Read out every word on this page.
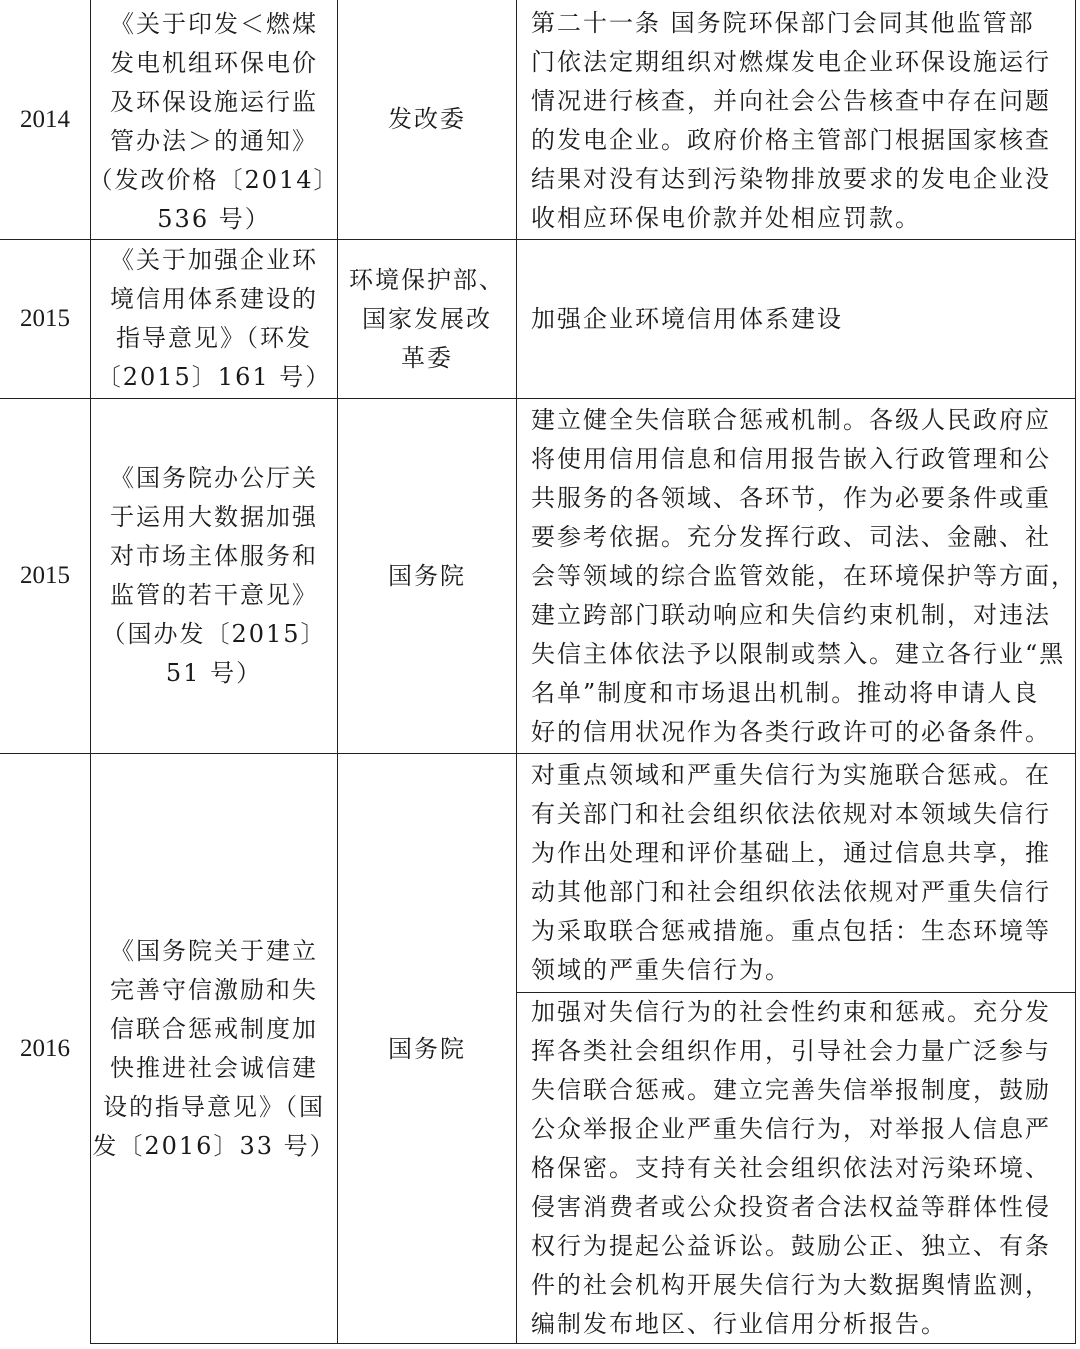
2014
《关于印发＜燃煤
发电机组环保电价
及环保设施运行监
管办法＞的通知》
（发改价格〔2014〕
536 号）
发改委
第二十一条 国务院环保部门会同其他监管部
门依法定期组织对燃煤发电企业环保设施运行
情况进行核查，并向社会公告核查中存在问题
的发电企业。政府价格主管部门根据国家核查
结果对没有达到污染物排放要求的发电企业没
收相应环保电价款并处相应罚款。
2015
《关于加强企业环
境信用体系建设的
指导意见》（环发
〔2015〕161 号）
环境保护部、
国家发展改
革委
加强企业环境信用体系建设
2015
《国务院办公厅关
于运用大数据加强
对市场主体服务和
监管的若干意见》
（国办发〔2015〕
51 号）
国务院
建立健全失信联合惩戒机制。各级人民政府应
将使用信用信息和信用报告嵌入行政管理和公
共服务的各领域、各环节，作为必要条件或重
要参考依据。充分发挥行政、司法、金融、社
会等领域的综合监管效能，在环境保护等方面，
建立跨部门联动响应和失信约束机制，对违法
失信主体依法予以限制或禁入。建立各行业“黑
名单”制度和市场退出机制。推动将申请人良
好的信用状况作为各类行政许可的必备条件。
2016
《国务院关于建立
完善守信激励和失
信联合惩戒制度加
快推进社会诚信建
设的指导意见》（国
发〔2016〕33 号）
国务院
对重点领域和严重失信行为实施联合惩戒。在
有关部门和社会组织依法依规对本领域失信行
为作出处理和评价基础上，通过信息共享，推
动其他部门和社会组织依法依规对严重失信行
为采取联合惩戒措施。重点包括：生态环境等
领域的严重失信行为。
加强对失信行为的社会性约束和惩戒。充分发
挥各类社会组织作用，引导社会力量广泛参与
失信联合惩戒。建立完善失信举报制度，鼓励
公众举报企业严重失信行为，对举报人信息严
格保密。支持有关社会组织依法对污染环境、
侵害消费者或公众投资者合法权益等群体性侵
权行为提起公益诉讼。鼓励公正、独立、有条
件的社会机构开展失信行为大数据舆情监测，
编制发布地区、行业信用分析报告。
